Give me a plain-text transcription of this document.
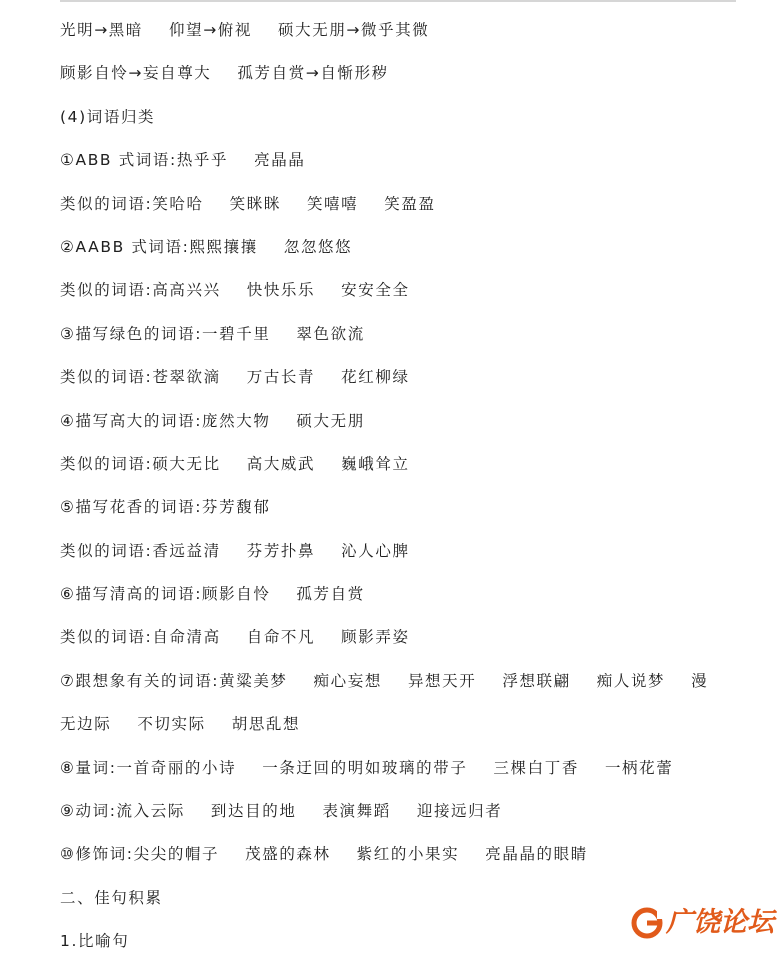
光明→黑暗 仰望→俯视 硕大无朋→微乎其微
顾影自怜→妄自尊大 孤芳自赏→自惭形秽
(4)词语归类
①ABB 式词语:热乎乎 亮晶晶
类似的词语:笑哈哈 笑眯眯 笑嘻嘻 笑盈盈
②AABB 式词语:熙熙攘攘 忽忽悠悠
类似的词语:高高兴兴 快快乐乐 安安全全
③描写绿色的词语:一碧千里 翠色欲流
类似的词语:苍翠欲滴 万古长青 花红柳绿
④描写高大的词语:庞然大物 硕大无朋
类似的词语:硕大无比 高大威武 巍峨耸立
⑤描写花香的词语:芬芳馥郁
类似的词语:香远益清 芬芳扑鼻 沁人心脾
⑥描写清高的词语:顾影自怜 孤芳自赏
类似的词语:自命清高 自命不凡 顾影弄姿
⑦跟想象有关的词语:黄粱美梦 痴心妄想 异想天开 浮想联翩 痴人说梦 漫
无边际 不切实际 胡思乱想
⑧量词:一首奇丽的小诗 一条迂回的明如玻璃的带子 三棵白丁香 一柄花蕾
⑨动词:流入云际 到达目的地 表演舞蹈 迎接远归者
⑩修饰词:尖尖的帽子 茂盛的森林 紫红的小果实 亮晶晶的眼睛
二、佳句积累
1.比喻句
广饶论坛
